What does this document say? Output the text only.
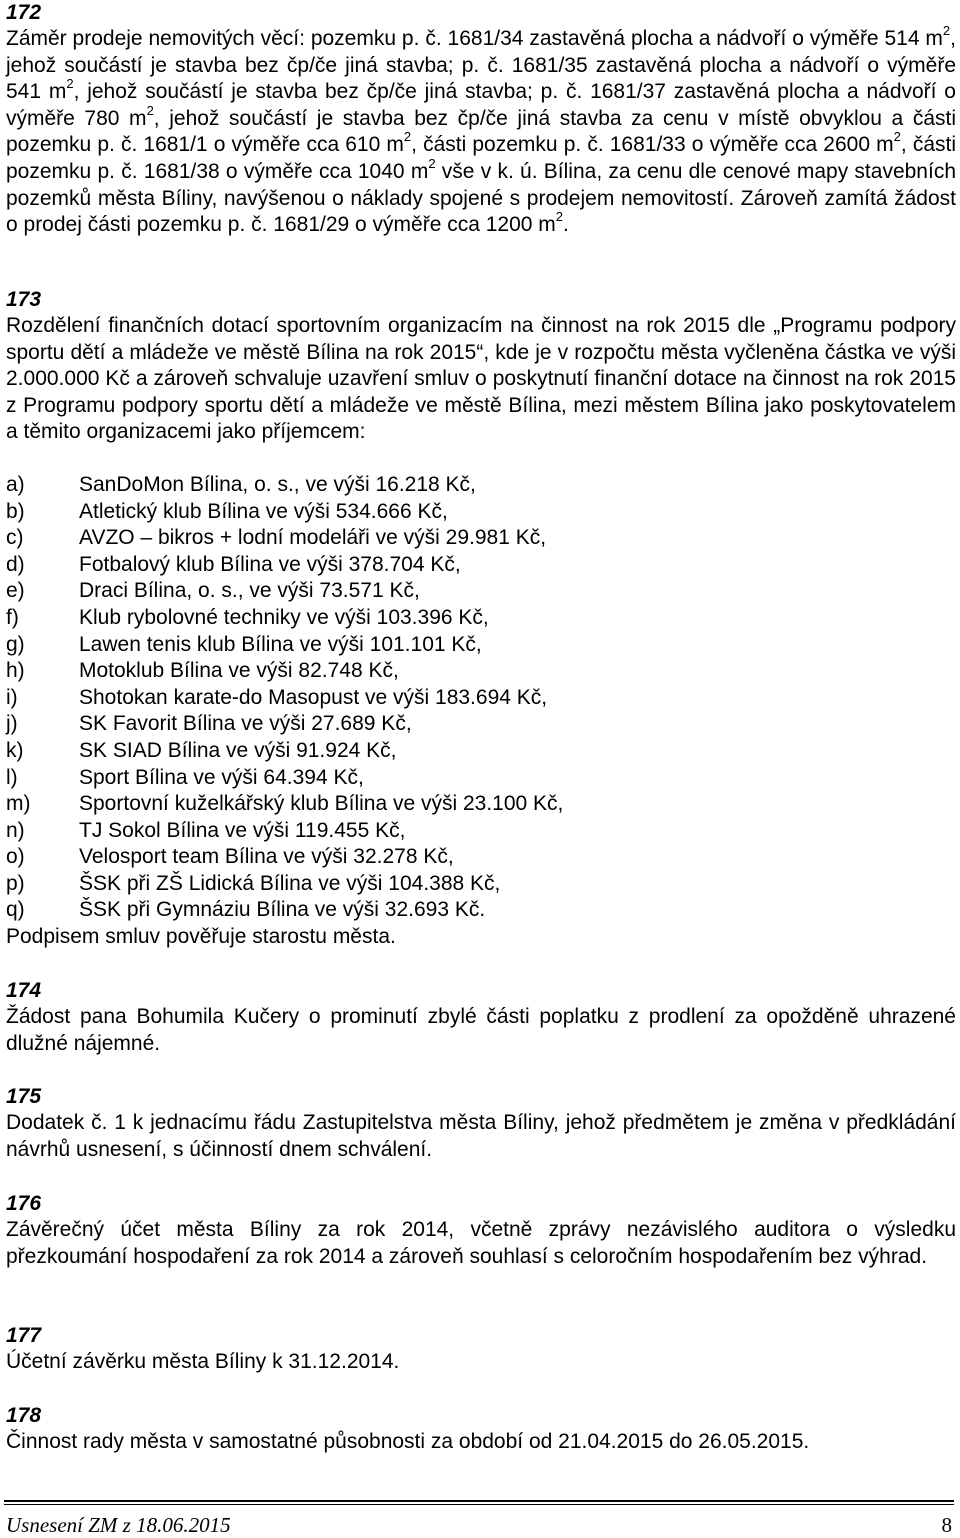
172

Záměr prodeje nemovitých věcí: pozemku p. č. 1681/34 zastavěná plocha a nádvoří o výměře 514 $m^2$, jehož součástí je stavba bez čp/če jiná stavba; p. č. 1681/35 zastavěná plocha a nádvoří o výměře 541 $m^2$, jehož součástí je stavba bez čp/če jiná stavba; p. č. 1681/37 zastavěná plocha a nádvoří o výměře 780 $m^2$, jehož součástí je stavba bez čp/če jiná stavba za cenu v místě obvyklou a části pozemku p. č. 1681/1 o výměře cca 610 $m^2$, části pozemku p. č. 1681/33 o výměře cca 2600 $m^2$, části pozemku p. č. 1681/38 o výměře cca 1040 $m^2$ vše v k. ú. Bílina, za cenu dle cenové mapy stavebních pozemků města Bíliny, navýšenou o náklady spojené s prodejem nemovitostí. Zároveň zamítá žádost o prodej části pozemku p. č. 1681/29 o výměře cca 1200 $m^2$.

173

Rozdělení finančních dotací sportovním organizacím na činnost na rok 2015 dle „Programu podpory sportu dětí a mládeže ve městě Bílina na rok 2015“, kde je v rozpočtu města vyčleněna částka ve výši 2.000.000 Kč a zároveň schvaluje uzavření smluv o poskytnutí finanční dotace na činnost na rok 2015 z Programu podpory sportu dětí a mládeže ve městě Bílina, mezi městem Bílina jako poskytovatelem a těmito organizacemi jako příjemcem:

a)	SanDoMon Bílina, o. s., ve výši 16.218 Kč,
b)	Atletický klub Bílina ve výši 534.666 Kč,
c)	AVZO – bikros + lodní modeláři ve výši 29.981 Kč,
d)	Fotbalový klub Bílina ve výši 378.704 Kč,
e)	Draci Bílina, o. s., ve výši 73.571 Kč,
f)	Klub rybolovné techniky ve výši 103.396 Kč,
g)	Lawen tenis klub Bílina ve výši 101.101 Kč,
h)	Motoklub Bílina ve výši 82.748 Kč,
i)	Shotokan karate-do Masopust ve výši 183.694 Kč,
j)	SK Favorit Bílina ve výši 27.689 Kč,
k)	SK SIAD Bílina ve výši 91.924 Kč,
l)	Sport Bílina ve výši 64.394 Kč,
m)	Sportovní kuželkářský klub Bílina ve výši 23.100 Kč,
n)	TJ Sokol Bílina ve výši 119.455 Kč,
o)	Velosport team Bílina ve výši 32.278 Kč,
p)	ŠSK při ZŠ Lidická Bílina ve výši 104.388 Kč,
q)	ŠSK při Gymnáziu Bílina ve výši 32.693 Kč.

Podpisem smluv pověřuje starostu města.

174

Žádost pana Bohumila Kučery o prominutí zbylé části poplatku z prodlení za opožděně uhrazené dlužné nájemné.

175

Dodatek č. 1 k jednacímu řádu Zastupitelstva města Bíliny, jehož předmětem je změna v předkládání návrhů usnesení, s účinností dnem schválení.

176

Závěrečný účet města Bíliny za rok 2014, včetně zprávy nezávislého auditora o výsledku přezkoumání hospodaření za rok 2014 a zároveň souhlasí s celoročním hospodařením bez výhrad.

177

Účetní závěrku města Bíliny k 31.12.2014.

178

Činnost rady města v samostatné působnosti za období od 21.04.2015 do 26.05.2015.

Usnesení ZM z 18.06.2015	8
